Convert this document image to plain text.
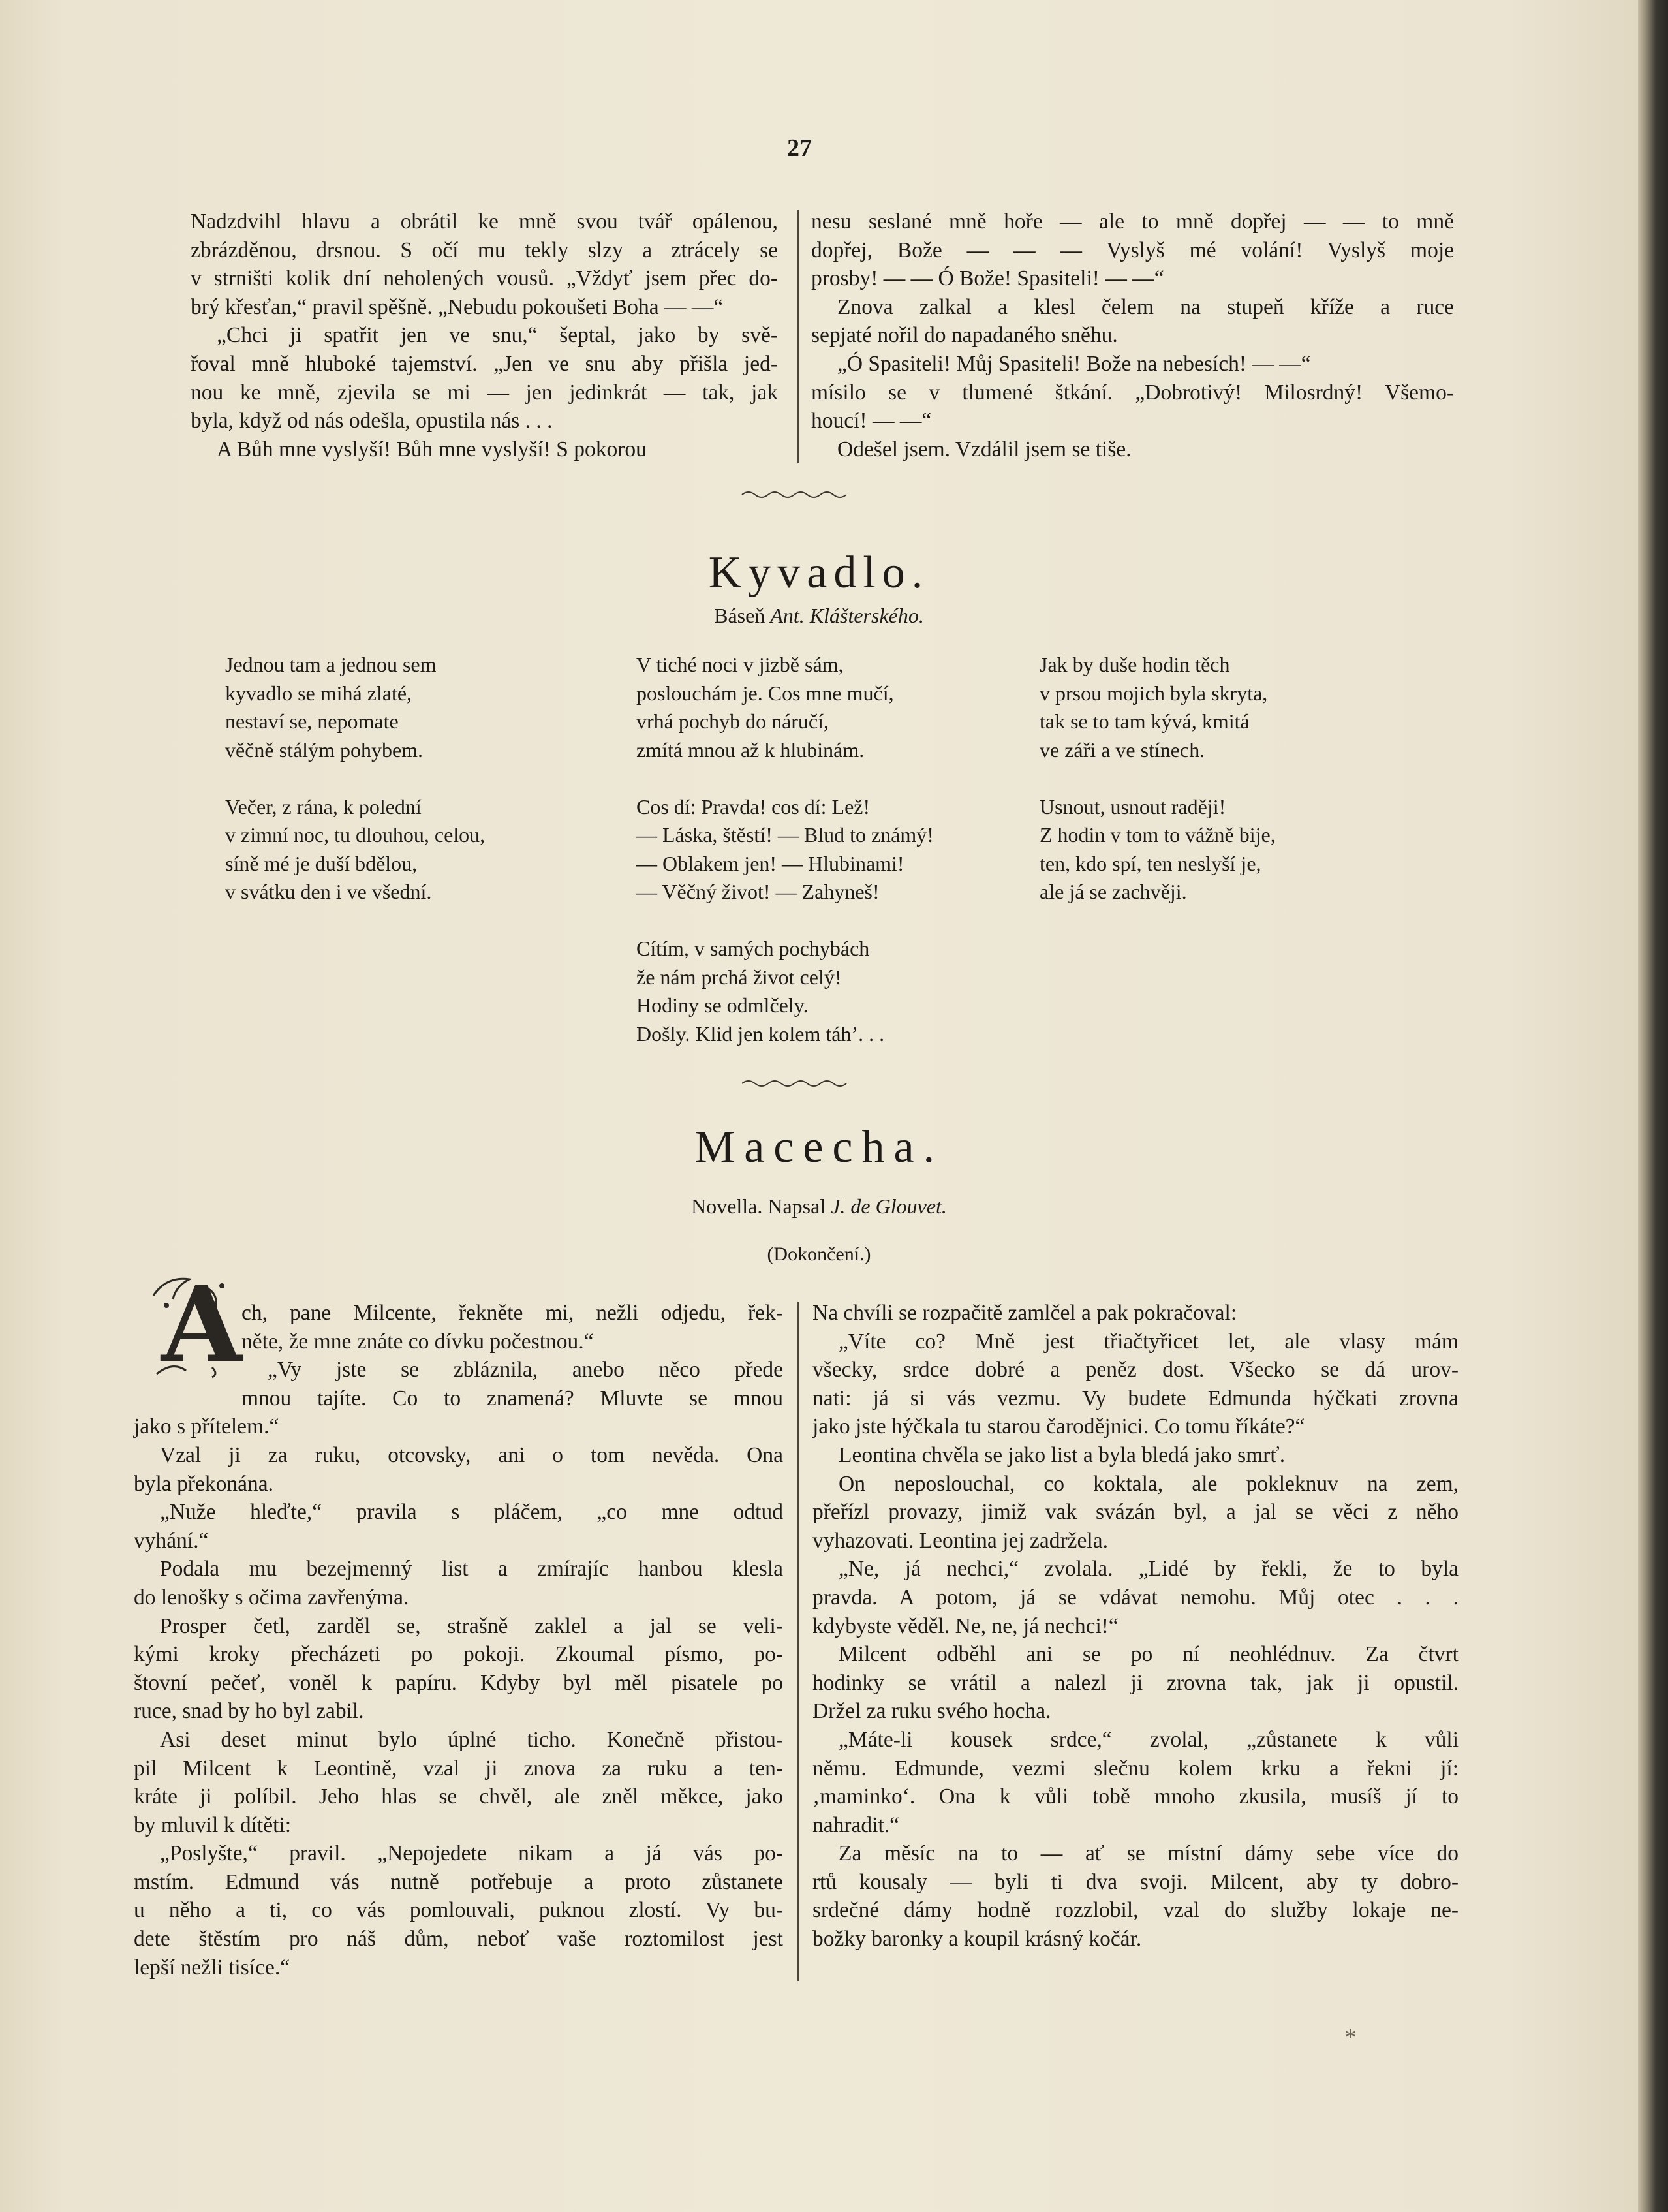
27

Nadzdvihl hlavu a obrátil ke mně svou tvář opálenou,

zbrázděnou, drsnou. S očí mu tekly slzy a ztrácely se

v strništi kolik dní neholených vousů. „Vždyť jsem přec do-

brý křesťan,“ pravil spěšně. „Nebudu pokoušeti Boha — —“

„Chci ji spatřit jen ve snu,“ šeptal, jako by svě-

řoval mně hluboké tajemství. „Jen ve snu aby přišla jed-

nou ke mně, zjevila se mi — jen jedinkrát — tak, jak

byla, když od nás odešla, opustila nás . . .

A Bůh mne vyslyší! Bůh mne vyslyší! S pokorou

nesu seslané mně hoře — ale to mně dopřej — — to mně

dopřej, Bože — — — Vyslyš mé volání! Vyslyš moje

prosby! — — Ó Bože! Spasiteli! — —“

Znova zalkal a klesl čelem na stupeň kříže a ruce

sepjaté nořil do napadaného sněhu.

„Ó Spasiteli! Můj Spasiteli! Bože na nebesích! — —“

mísilo se v tlumené štkání. „Dobrotivý! Milosrdný! Všemo-

houcí! — —“

Odešel jsem. Vzdálil jsem se tiše.

Kyvadlo.
Báseň Ant. Klášterského.

Jednou tam a jednou sem
kyvadlo se mihá zlaté,
nestaví se, nepomate
věčně stálým pohybem.

Večer, z rána, k polední
v zimní noc, tu dlouhou, celou,
síně mé je duší bdělou,
v svátku den i ve všední.

V tiché noci v jizbě sám,
poslouchám je. Cos mne mučí,
vrhá pochyb do náručí,
zmítá mnou až k hlubinám.

Cos dí: Pravda! cos dí: Lež!
— Láska, štěstí! — Blud to známý!
— Oblakem jen! — Hlubinami!
— Věčný život! — Zahyneš!

Cítím, v samých pochybách
že nám prchá život celý!
Hodiny se odmlčely.
Došly. Klid jen kolem táh’. . .

Jak by duše hodin těch
v prsou mojich byla skryta,
tak se to tam kývá, kmitá
ve záři a ve stínech.

Usnout, usnout raději!
Z hodin v tom to vážně bije,
ten, kdo spí, ten neslyší je,
ale já se zachvěji.

Macecha.
Novella. Napsal J. de Glouvet.
(Dokončení.)
A

ch, pane Milcente, řekněte mi, nežli odjedu, řek-

něte, že mne znáte co dívku počestnou.“

„Vy jste se zbláznila, anebo něco přede

mnou tajíte. Co to znamená? Mluvte se mnou

jako s přítelem.“

Vzal ji za ruku, otcovsky, ani o tom nevěda. Ona

byla překonána.

„Nuže hleďte,“ pravila s pláčem, „co mne odtud

vyhání.“

Podala mu bezejmenný list a zmírajíc hanbou klesla

do lenošky s očima zavřenýma.

Prosper četl, zarděl se, strašně zaklel a jal se veli-

kými kroky přecházeti po pokoji. Zkoumal písmo, po-

štovní pečeť, voněl k papíru. Kdyby byl měl pisatele po

ruce, snad by ho byl zabil.

Asi deset minut bylo úplné ticho. Konečně přistou-

pil Milcent k Leontině, vzal ji znova za ruku a ten-

kráte ji políbil. Jeho hlas se chvěl, ale zněl měkce, jako

by mluvil k dítěti:

„Poslyšte,“ pravil. „Nepojedete nikam a já vás po-

mstím. Edmund vás nutně potřebuje a proto zůstanete

u něho a ti, co vás pomlouvali, puknou zlostí. Vy bu-

dete štěstím pro náš dům, neboť vaše roztomilost jest

lepší nežli tisíce.“

Na chvíli se rozpačitě zamlčel a pak pokračoval:

„Víte co? Mně jest třiačtyřicet let, ale vlasy mám

všecky, srdce dobré a peněz dost. Všecko se dá urov-

nati: já si vás vezmu. Vy budete Edmunda hýčkati zrovna

jako jste hýčkala tu starou čarodějnici. Co tomu říkáte?“

Leontina chvěla se jako list a byla bledá jako smrť.

On neposlouchal, co koktala, ale pokleknuv na zem,

přeřízl provazy, jimiž vak svázán byl, a jal se věci z něho

vyhazovati. Leontina jej zadržela.

„Ne, já nechci,“ zvolala. „Lidé by řekli, že to byla

pravda. A potom, já se vdávat nemohu. Můj otec . . .

kdybyste věděl. Ne, ne, já nechci!“

Milcent odběhl ani se po ní neohlédnuv. Za čtvrt

hodinky se vrátil a nalezl ji zrovna tak, jak ji opustil.

Držel za ruku svého hocha.

„Máte-li kousek srdce,“ zvolal, „zůstanete k vůli

němu. Edmunde, vezmi slečnu kolem krku a řekni jí:

‚maminko‘. Ona k vůli tobě mnoho zkusila, musíš jí to

nahradit.“

Za měsíc na to — ať se místní dámy sebe více do

rtů kousaly — byli ti dva svoji. Milcent, aby ty dobro-

srdečné dámy hodně rozzlobil, vzal do služby lokaje ne-

božky baronky a koupil krásný kočár.

*
